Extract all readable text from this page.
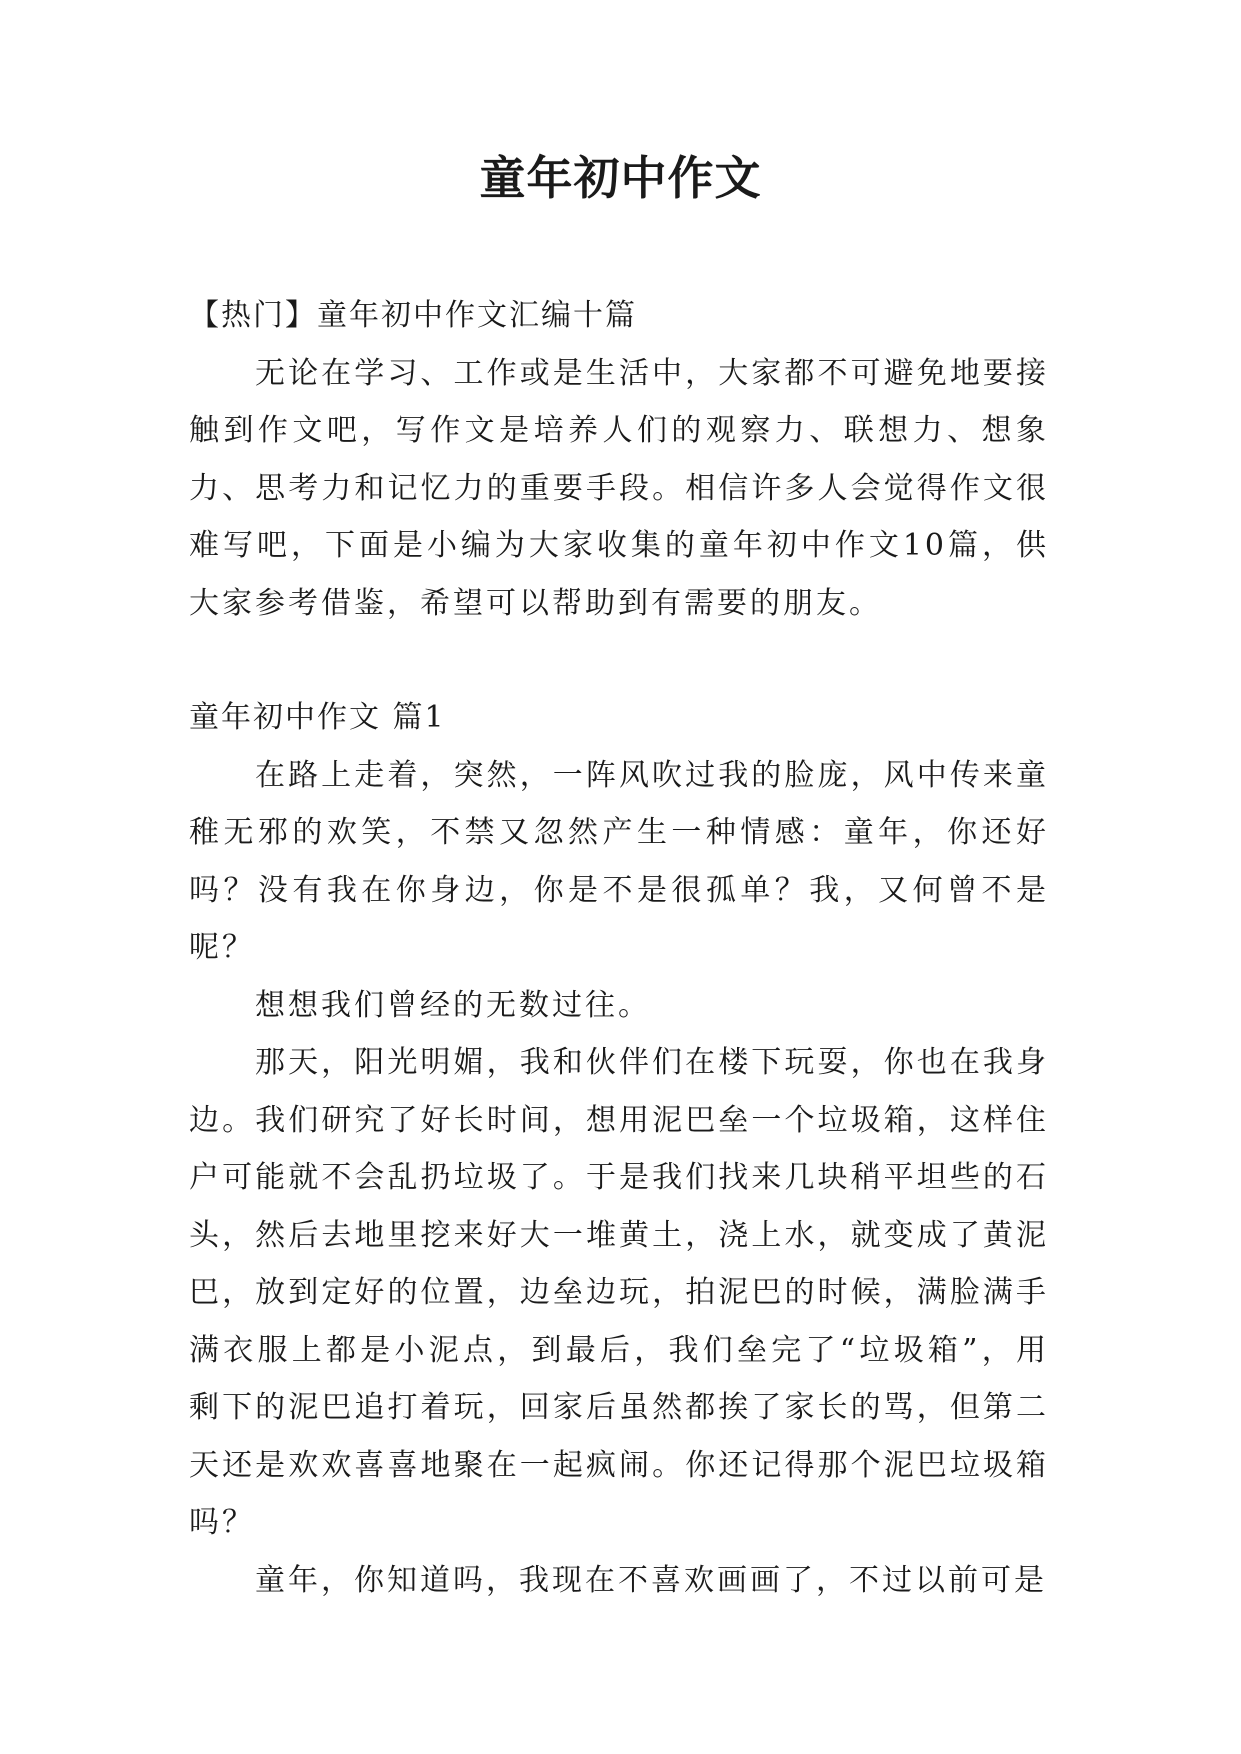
童年初中作文

【热门】童年初中作文汇编十篇

无论在学习、工作或是生活中，大家都不可避免地要接触到作文吧，写作文是培养人们的观察力、联想力、想象力、思考力和记忆力的重要手段。相信许多人会觉得作文很难写吧，下面是小编为大家收集的童年初中作文10篇，供大家参考借鉴，希望可以帮助到有需要的朋友。

童年初中作文 篇1

在路上走着，突然，一阵风吹过我的脸庞，风中传来童稚无邪的欢笑，不禁又忽然产生一种情感：童年，你还好吗？没有我在你身边，你是不是很孤单？我，又何曾不是呢？

想想我们曾经的无数过往。

那天，阳光明媚，我和伙伴们在楼下玩耍，你也在我身边。我们研究了好长时间，想用泥巴垒一个垃圾箱，这样住户可能就不会乱扔垃圾了。于是我们找来几块稍平坦些的石头，然后去地里挖来好大一堆黄土，浇上水，就变成了黄泥巴，放到定好的位置，边垒边玩，拍泥巴的时候，满脸满手满衣服上都是小泥点，到最后，我们垒完了“垃圾箱”，用剩下的泥巴追打着玩，回家后虽然都挨了家长的骂，但第二天还是欢欢喜喜地聚在一起疯闹。你还记得那个泥巴垃圾箱吗？

童年，你知道吗，我现在不喜欢画画了，不过以前可是
